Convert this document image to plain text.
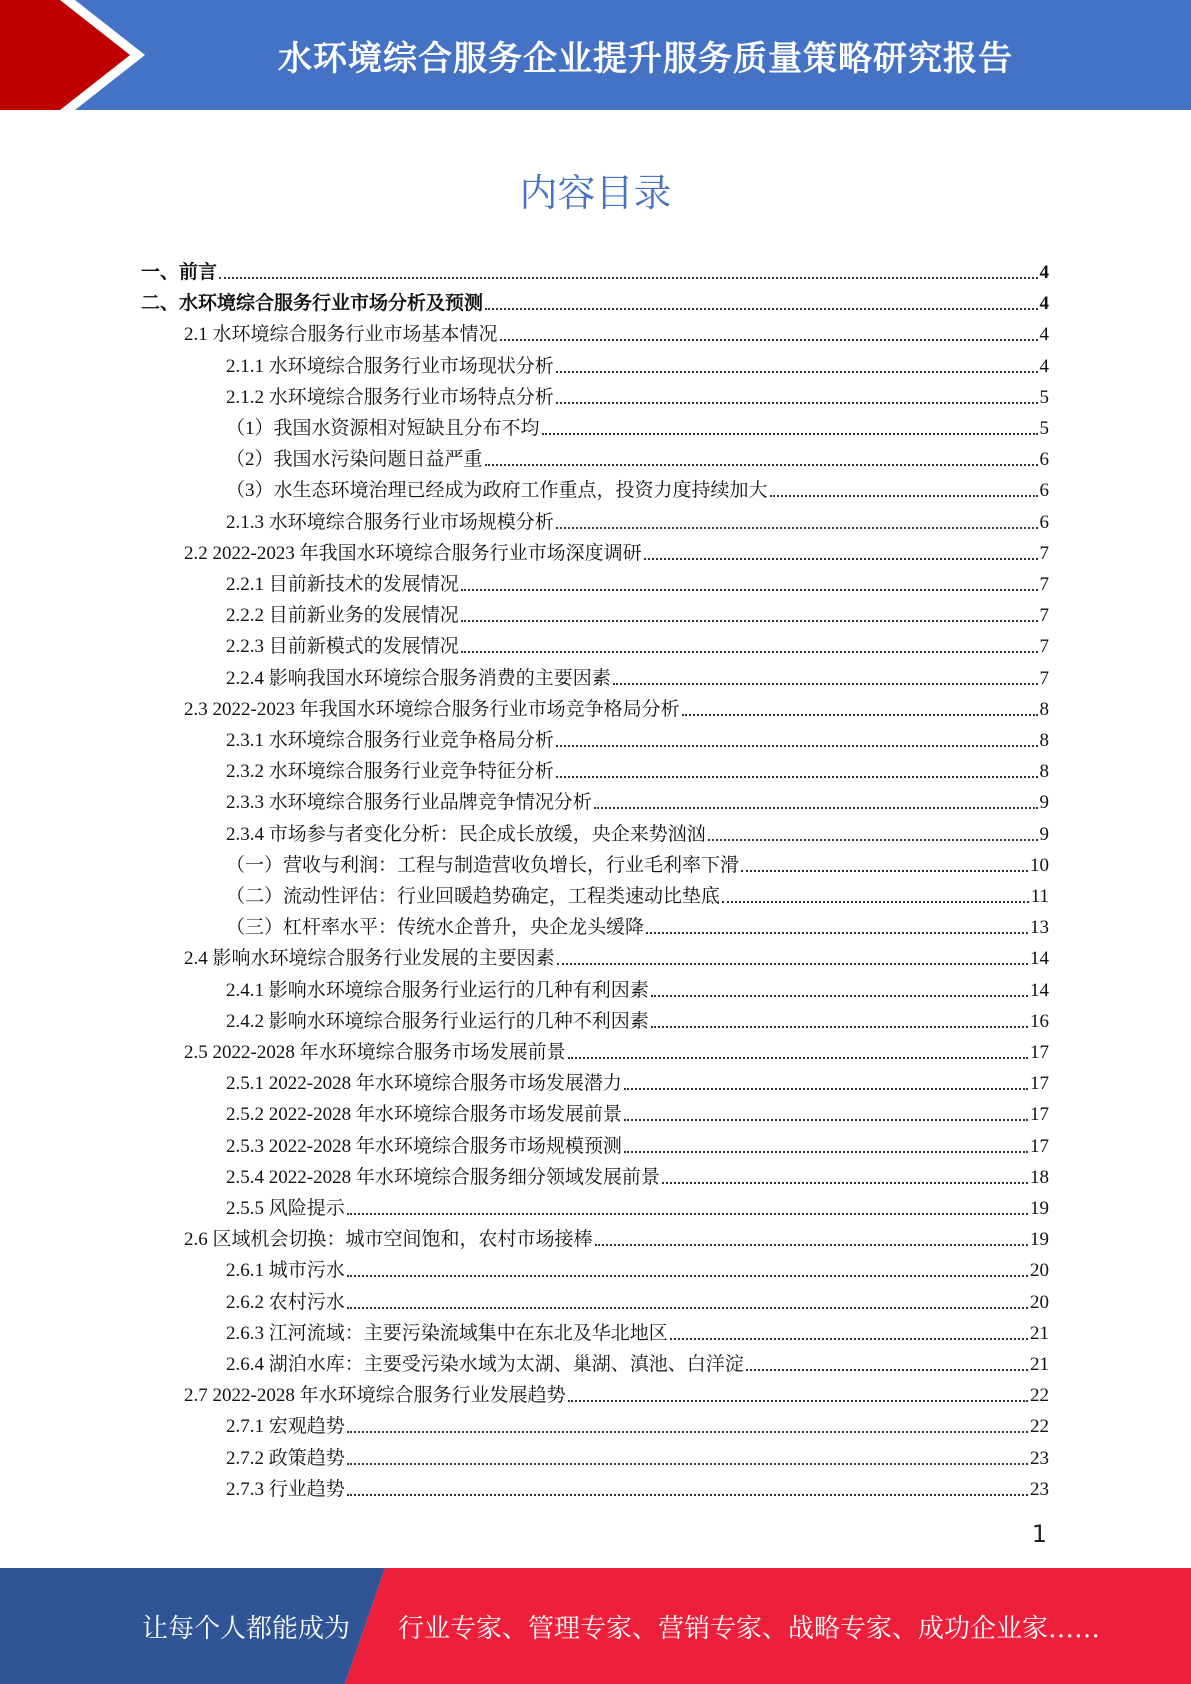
水环境综合服务企业提升服务质量策略研究报告
内容目录
一、前言	4
二、水环境综合服务行业市场分析及预测	4
2.1 水环境综合服务行业市场基本情况	4
2.1.1 水环境综合服务行业市场现状分析	4
2.1.2 水环境综合服务行业市场特点分析	5
（1）我国水资源相对短缺且分布不均	5
（2）我国水污染问题日益严重	6
（3）水生态环境治理已经成为政府工作重点，投资力度持续加大	6
2.1.3 水环境综合服务行业市场规模分析	6
2.2 2022-2023 年我国水环境综合服务行业市场深度调研	7
2.2.1 目前新技术的发展情况	7
2.2.2 目前新业务的发展情况	7
2.2.3 目前新模式的发展情况	7
2.2.4 影响我国水环境综合服务消费的主要因素	7
2.3 2022-2023 年我国水环境综合服务行业市场竞争格局分析	8
2.3.1 水环境综合服务行业竞争格局分析	8
2.3.2 水环境综合服务行业竞争特征分析	8
2.3.3 水环境综合服务行业品牌竞争情况分析	9
2.3.4 市场参与者变化分析：民企成长放缓，央企来势汹汹	9
（一）营收与利润：工程与制造营收负增长，行业毛利率下滑	10
（二）流动性评估：行业回暖趋势确定，工程类速动比垫底	11
（三）杠杆率水平：传统水企普升，央企龙头缓降	13
2.4 影响水环境综合服务行业发展的主要因素	14
2.4.1 影响水环境综合服务行业运行的几种有利因素	14
2.4.2 影响水环境综合服务行业运行的几种不利因素	16
2.5 2022-2028 年水环境综合服务市场发展前景	17
2.5.1 2022-2028 年水环境综合服务市场发展潜力	17
2.5.2 2022-2028 年水环境综合服务市场发展前景	17
2.5.3 2022-2028 年水环境综合服务市场规模预测	17
2.5.4 2022-2028 年水环境综合服务细分领域发展前景	18
2.5.5 风险提示	19
2.6 区域机会切换：城市空间饱和，农村市场接棒	19
2.6.1 城市污水	20
2.6.2 农村污水	20
2.6.3 江河流域：主要污染流域集中在东北及华北地区	21
2.6.4 湖泊水库：主要受污染水域为太湖、巢湖、滇池、白洋淀	21
2.7 2022-2028 年水环境综合服务行业发展趋势	22
2.7.1 宏观趋势	22
2.7.2 政策趋势	23
2.7.3 行业趋势	23
1
让每个人都能成为 行业专家、管理专家、营销专家、战略专家、成功企业家……
